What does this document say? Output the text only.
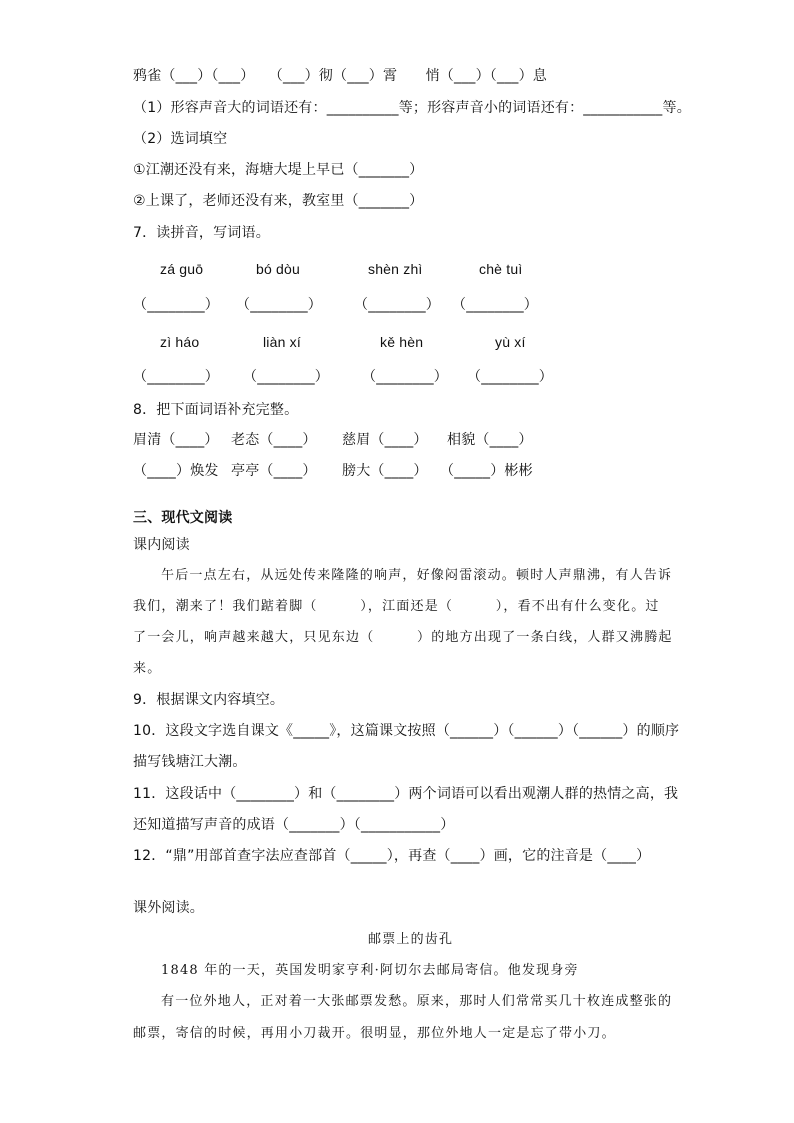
鸦雀（___）（___）　　（___）彻（___）霄　　悄（___）（___）息
（1）形容声音大的词语还有：__________等；形容声音小的词语还有：___________等。
（2）选词填空
①江潮还没有来，海塘大堤上早已（_______）
②上课了，老师还没有来，教室里（_______）
7．读拼音，写词语。
zá guō	bó dòu	shèn zhì	chè tuì
（________） （________） （________） （________）
zì háo	liàn xí	kě hèn	yù xí
（________） （________） （________） （________）
8．把下面词语补充完整。
眉清（____） 老态（____） 慈眉（____） 相貌（____）
（____）焕发 亭亭（____） 膀大（____） （_____）彬彬
三、现代文阅读
课内阅读
午后一点左右，从远处传来隆隆的响声，好像闷雷滚动。顿时人声鼎沸，有人告诉
我们，潮来了！我们踮着脚（　　　），江面还是（　　　），看不出有什么变化。过
了一会儿，响声越来越大，只见东边（　　　）的地方出现了一条白线，人群又沸腾起
来。
9．根据课文内容填空。
10．这段文字选自课文《_____》，这篇课文按照（______）（______）（______）的顺序
描写钱塘江大潮。
11．这段话中（________）和（________）两个词语可以看出观潮人群的热情之高，我
还知道描写声音的成语（_______）（___________）
12．“鼎”用部首查字法应查部首（_____），再查（____）画，它的注音是（____）
课外阅读。
邮票上的齿孔
1848 年的一天，英国发明家亨利·阿切尔去邮局寄信。他发现身旁
有一位外地人，正对着一大张邮票发愁。原来，那时人们常常买几十枚连成整张的
邮票，寄信的时候，再用小刀裁开。很明显，那位外地人一定是忘了带小刀。
